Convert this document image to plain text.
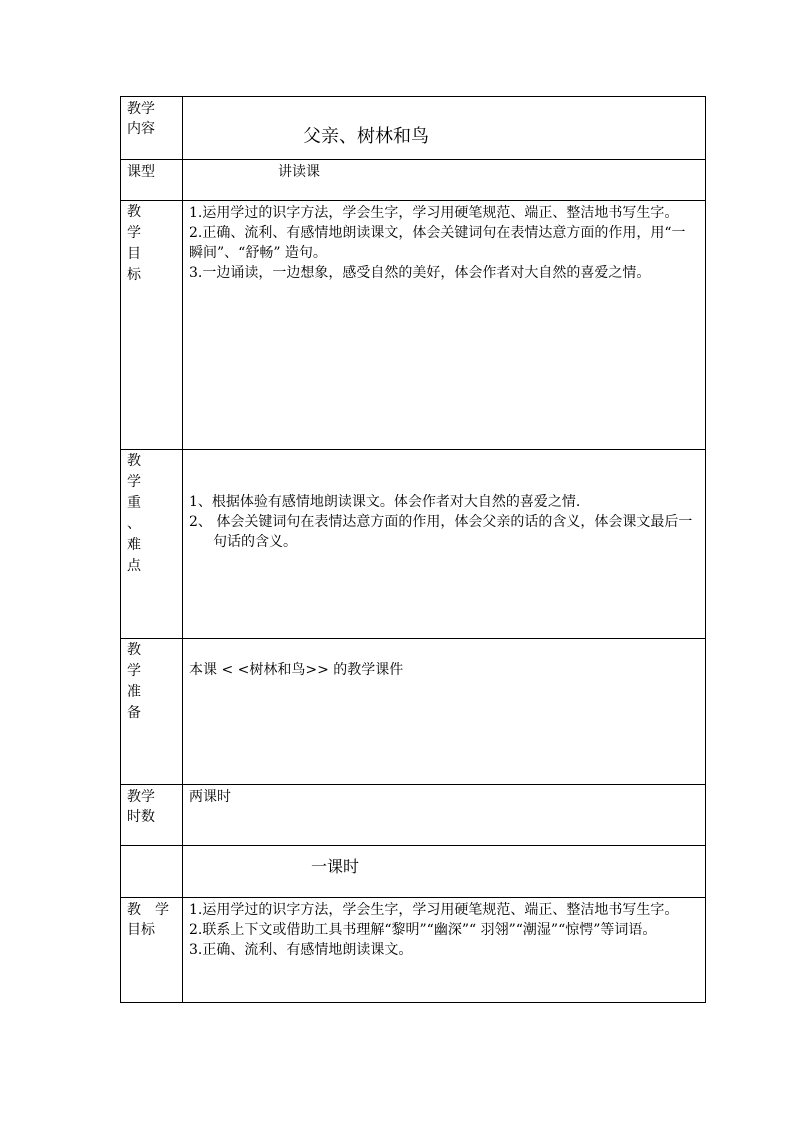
教学
内容	父亲、树林和鸟
课型	讲读课
教
学
目
标

1.运用学过的识字方法，学会生字，学习用硬笔规范、端正、整洁地书写生字。

2.正确、流利、有感情地朗读课文，体会关键词句在表情达意方面的作用，用“一瞬间”、“舒畅” 造句。

3.一边诵读，一边想象，感受自然的美好，体会作者对大自然的喜爱之情。

教
学
重
、
难
点

1、根据体验有感情地朗读课文。体会作者对大自然的喜爱之情.

2、 体会关键词句在表情达意方面的作用，体会父亲的话的含义，体会课文最后一句话的含义。

教
学
准
备
本课 < <树林和鸟>> 的教学课件
教学
时数
两课时
一课时
教　学
目标

1.运用学过的识字方法，学会生字，学习用硬笔规范、端正、整洁地书写生字。

2.联系上下文或借助工具书理解“黎明”“幽深”“ 羽翎”“潮湿”“惊愕”等词语。

3.正确、流利、有感情地朗读课文。
